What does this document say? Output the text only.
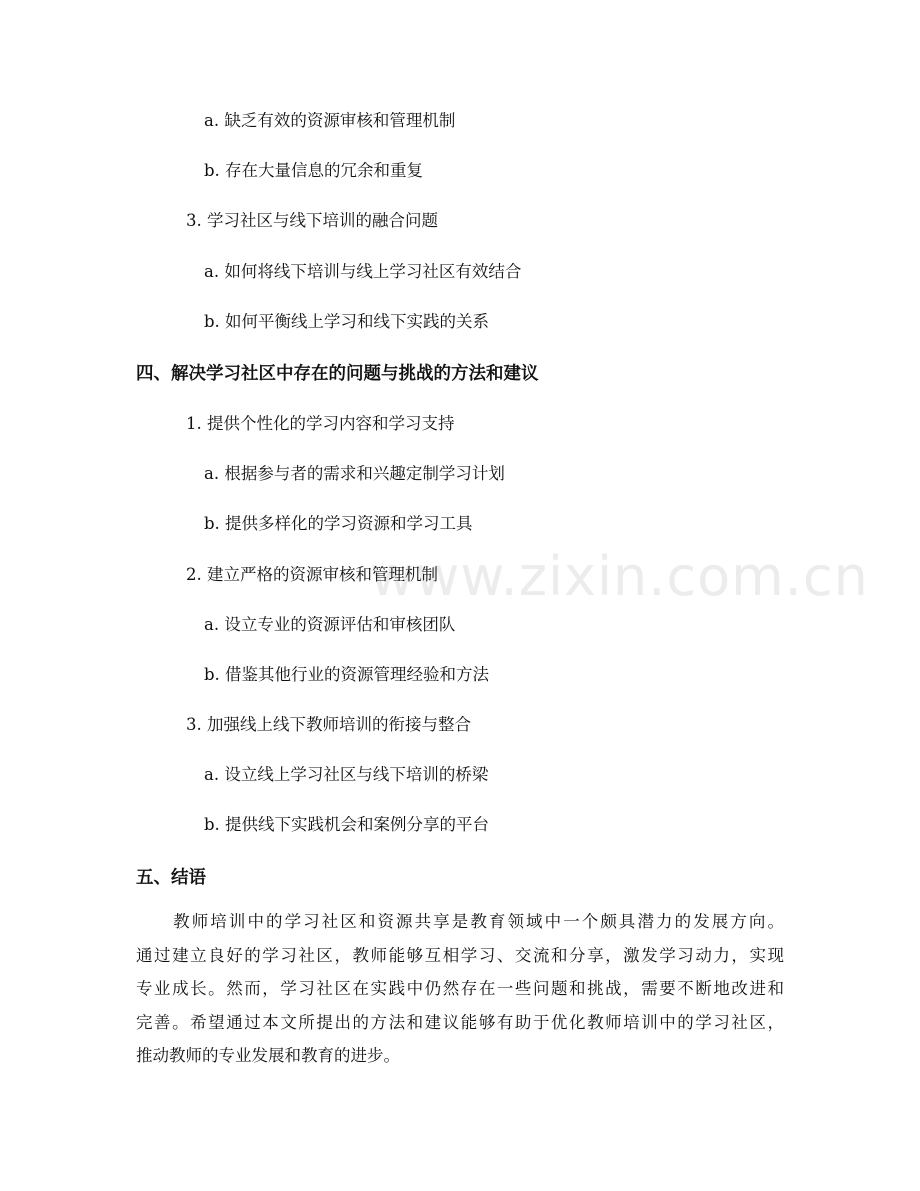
www.zixin.com.cn
a. 缺乏有效的资源审核和管理机制
b. 存在大量信息的冗余和重复
3. 学习社区与线下培训的融合问题
a. 如何将线下培训与线上学习社区有效结合
b. 如何平衡线上学习和线下实践的关系
四、解决学习社区中存在的问题与挑战的方法和建议
1. 提供个性化的学习内容和学习支持
a. 根据参与者的需求和兴趣定制学习计划
b. 提供多样化的学习资源和学习工具
2. 建立严格的资源审核和管理机制
a. 设立专业的资源评估和审核团队
b. 借鉴其他行业的资源管理经验和方法
3. 加强线上线下教师培训的衔接与整合
a. 设立线上学习社区与线下培训的桥梁
b. 提供线下实践机会和案例分享的平台
五、结语
　　教师培训中的学习社区和资源共享是教育领域中一个颇具潜力的发展方向。
通过建立良好的学习社区，教师能够互相学习、交流和分享，激发学习动力，实现
专业成长。然而，学习社区在实践中仍然存在一些问题和挑战，需要不断地改进和
完善。希望通过本文所提出的方法和建议能够有助于优化教师培训中的学习社区，
推动教师的专业发展和教育的进步。
